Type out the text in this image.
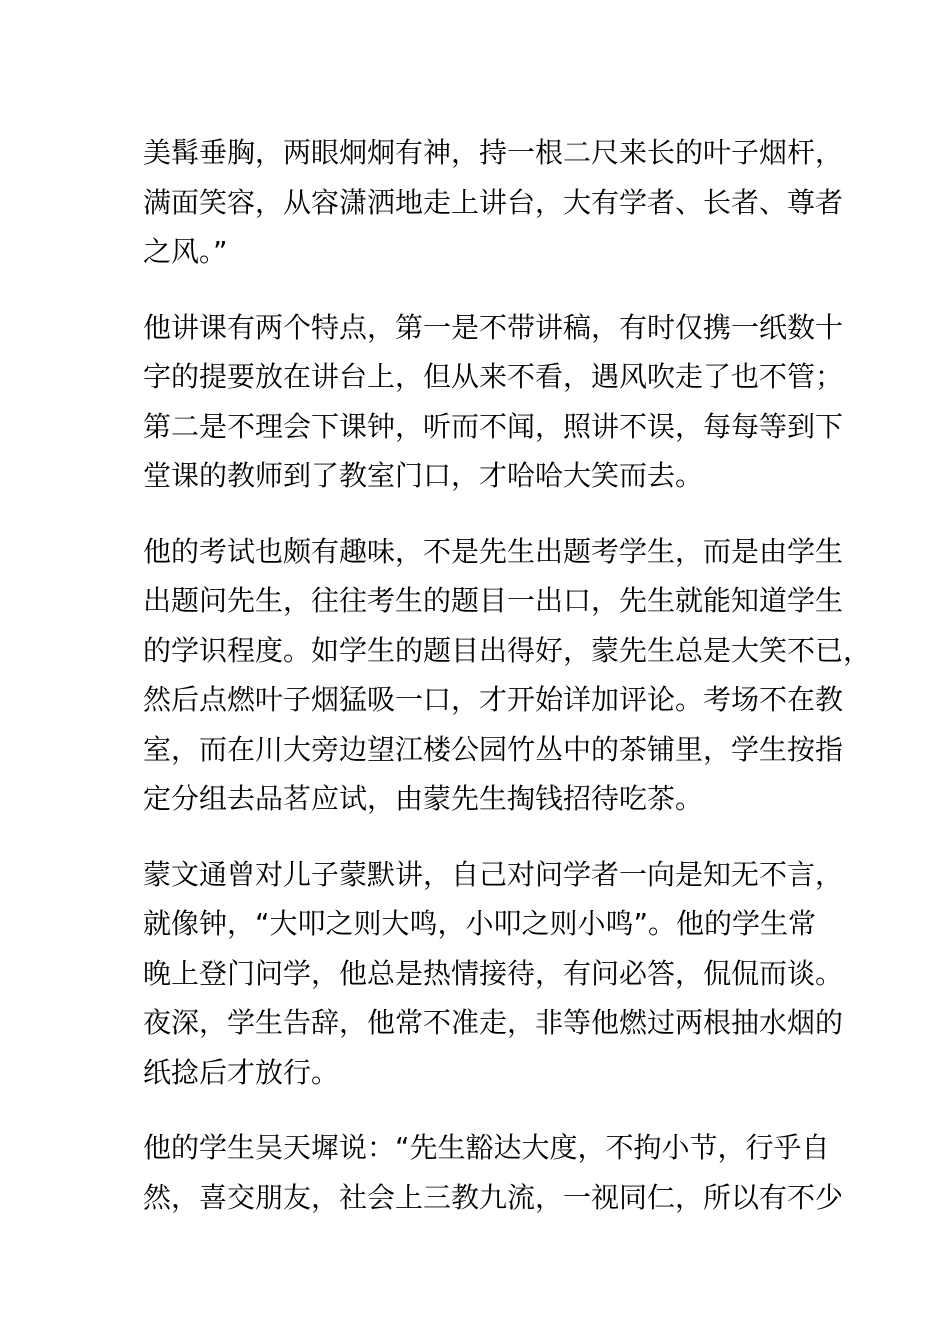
美髯垂胸，两眼炯炯有神，持一根二尺来长的叶子烟杆，
满面笑容，从容潇洒地走上讲台，大有学者、长者、尊者
之风。”
他讲课有两个特点，第一是不带讲稿，有时仅携一纸数十
字的提要放在讲台上，但从来不看，遇风吹走了也不管；
第二是不理会下课钟，听而不闻，照讲不误，每每等到下
堂课的教师到了教室门口，才哈哈大笑而去。
他的考试也颇有趣味，不是先生出题考学生，而是由学生
出题问先生，往往考生的题目一出口，先生就能知道学生
的学识程度。如学生的题目出得好，蒙先生总是大笑不已，
然后点燃叶子烟猛吸一口，才开始详加评论。考场不在教
室，而在川大旁边望江楼公园竹丛中的茶铺里，学生按指
定分组去品茗应试，由蒙先生掏钱招待吃茶。
蒙文通曾对儿子蒙默讲，自己对问学者一向是知无不言，
就像钟，“大叩之则大鸣，小叩之则小鸣”。他的学生常
晚上登门问学，他总是热情接待，有问必答，侃侃而谈。
夜深，学生告辞，他常不准走，非等他燃过两根抽水烟的
纸捻后才放行。
他的学生吴天墀说：“先生豁达大度，不拘小节，行乎自
然，喜交朋友，社会上三教九流，一视同仁，所以有不少
